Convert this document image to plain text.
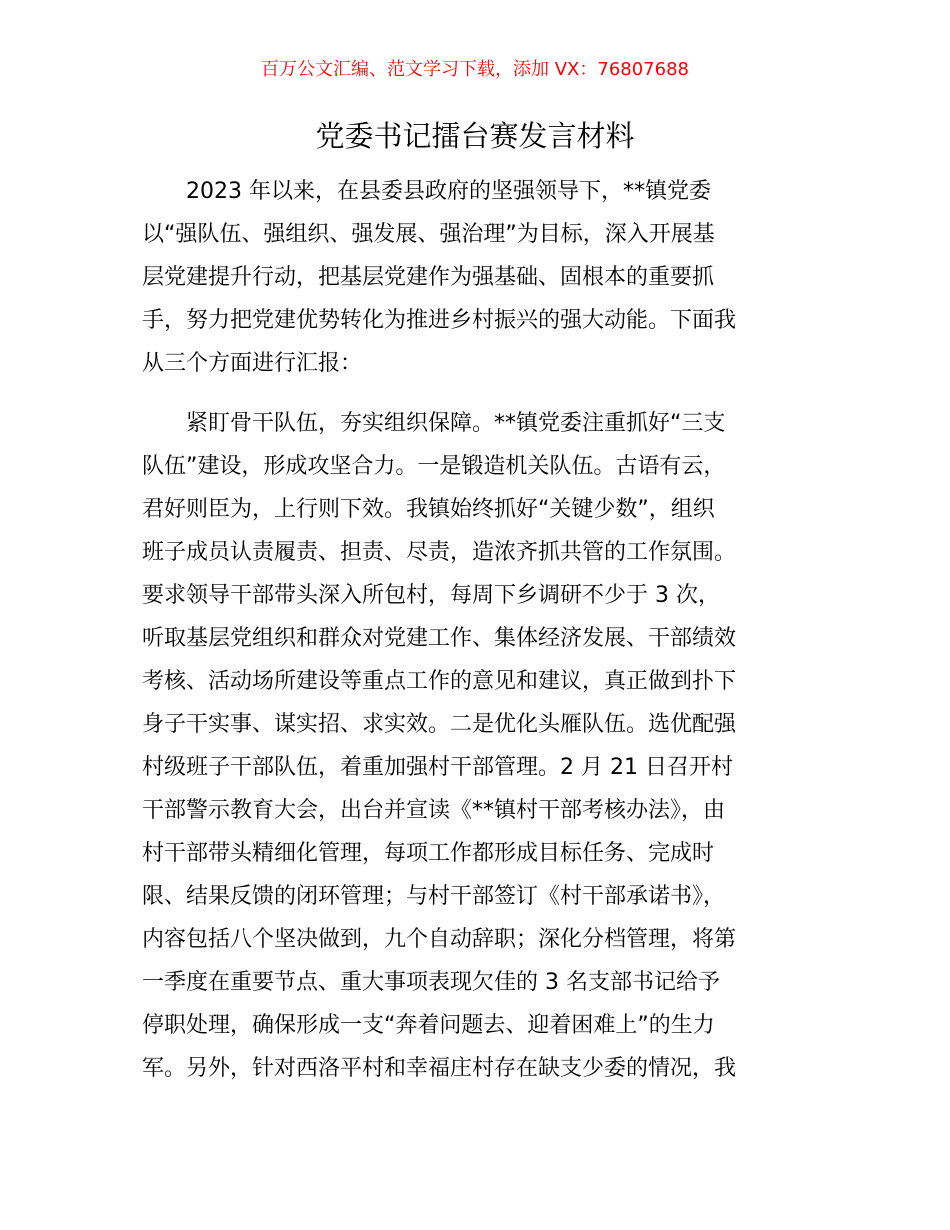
百万公文汇编、范文学习下载，添加 VX：76807688
党委书记擂台赛发言材料
2023 年以来，在县委县政府的坚强领导下，**镇党委
以“强队伍、强组织、强发展、强治理”为目标，深入开展基
层党建提升行动，把基层党建作为强基础、固根本的重要抓
手，努力把党建优势转化为推进乡村振兴的强大动能。下面我
从三个方面进行汇报：
紧盯骨干队伍，夯实组织保障。**镇党委注重抓好“三支
队伍”建设，形成攻坚合力。一是锻造机关队伍。古语有云，
君好则臣为，上行则下效。我镇始终抓好“关键少数”，组织
班子成员认责履责、担责、尽责，造浓齐抓共管的工作氛围。
要求领导干部带头深入所包村，每周下乡调研不少于 3 次，
听取基层党组织和群众对党建工作、集体经济发展、干部绩效
考核、活动场所建设等重点工作的意见和建议，真正做到扑下
身子干实事、谋实招、求实效。二是优化头雁队伍。选优配强
村级班子干部队伍，着重加强村干部管理。2 月 21 日召开村
干部警示教育大会，出台并宣读《**镇村干部考核办法》，由
村干部带头精细化管理，每项工作都形成目标任务、完成时
限、结果反馈的闭环管理；与村干部签订《村干部承诺书》，
内容包括八个坚决做到，九个自动辞职；深化分档管理，将第
一季度在重要节点、重大事项表现欠佳的 3 名支部书记给予
停职处理，确保形成一支“奔着问题去、迎着困难上”的生力
军。另外，针对西洛平村和幸福庄村存在缺支少委的情况，我
